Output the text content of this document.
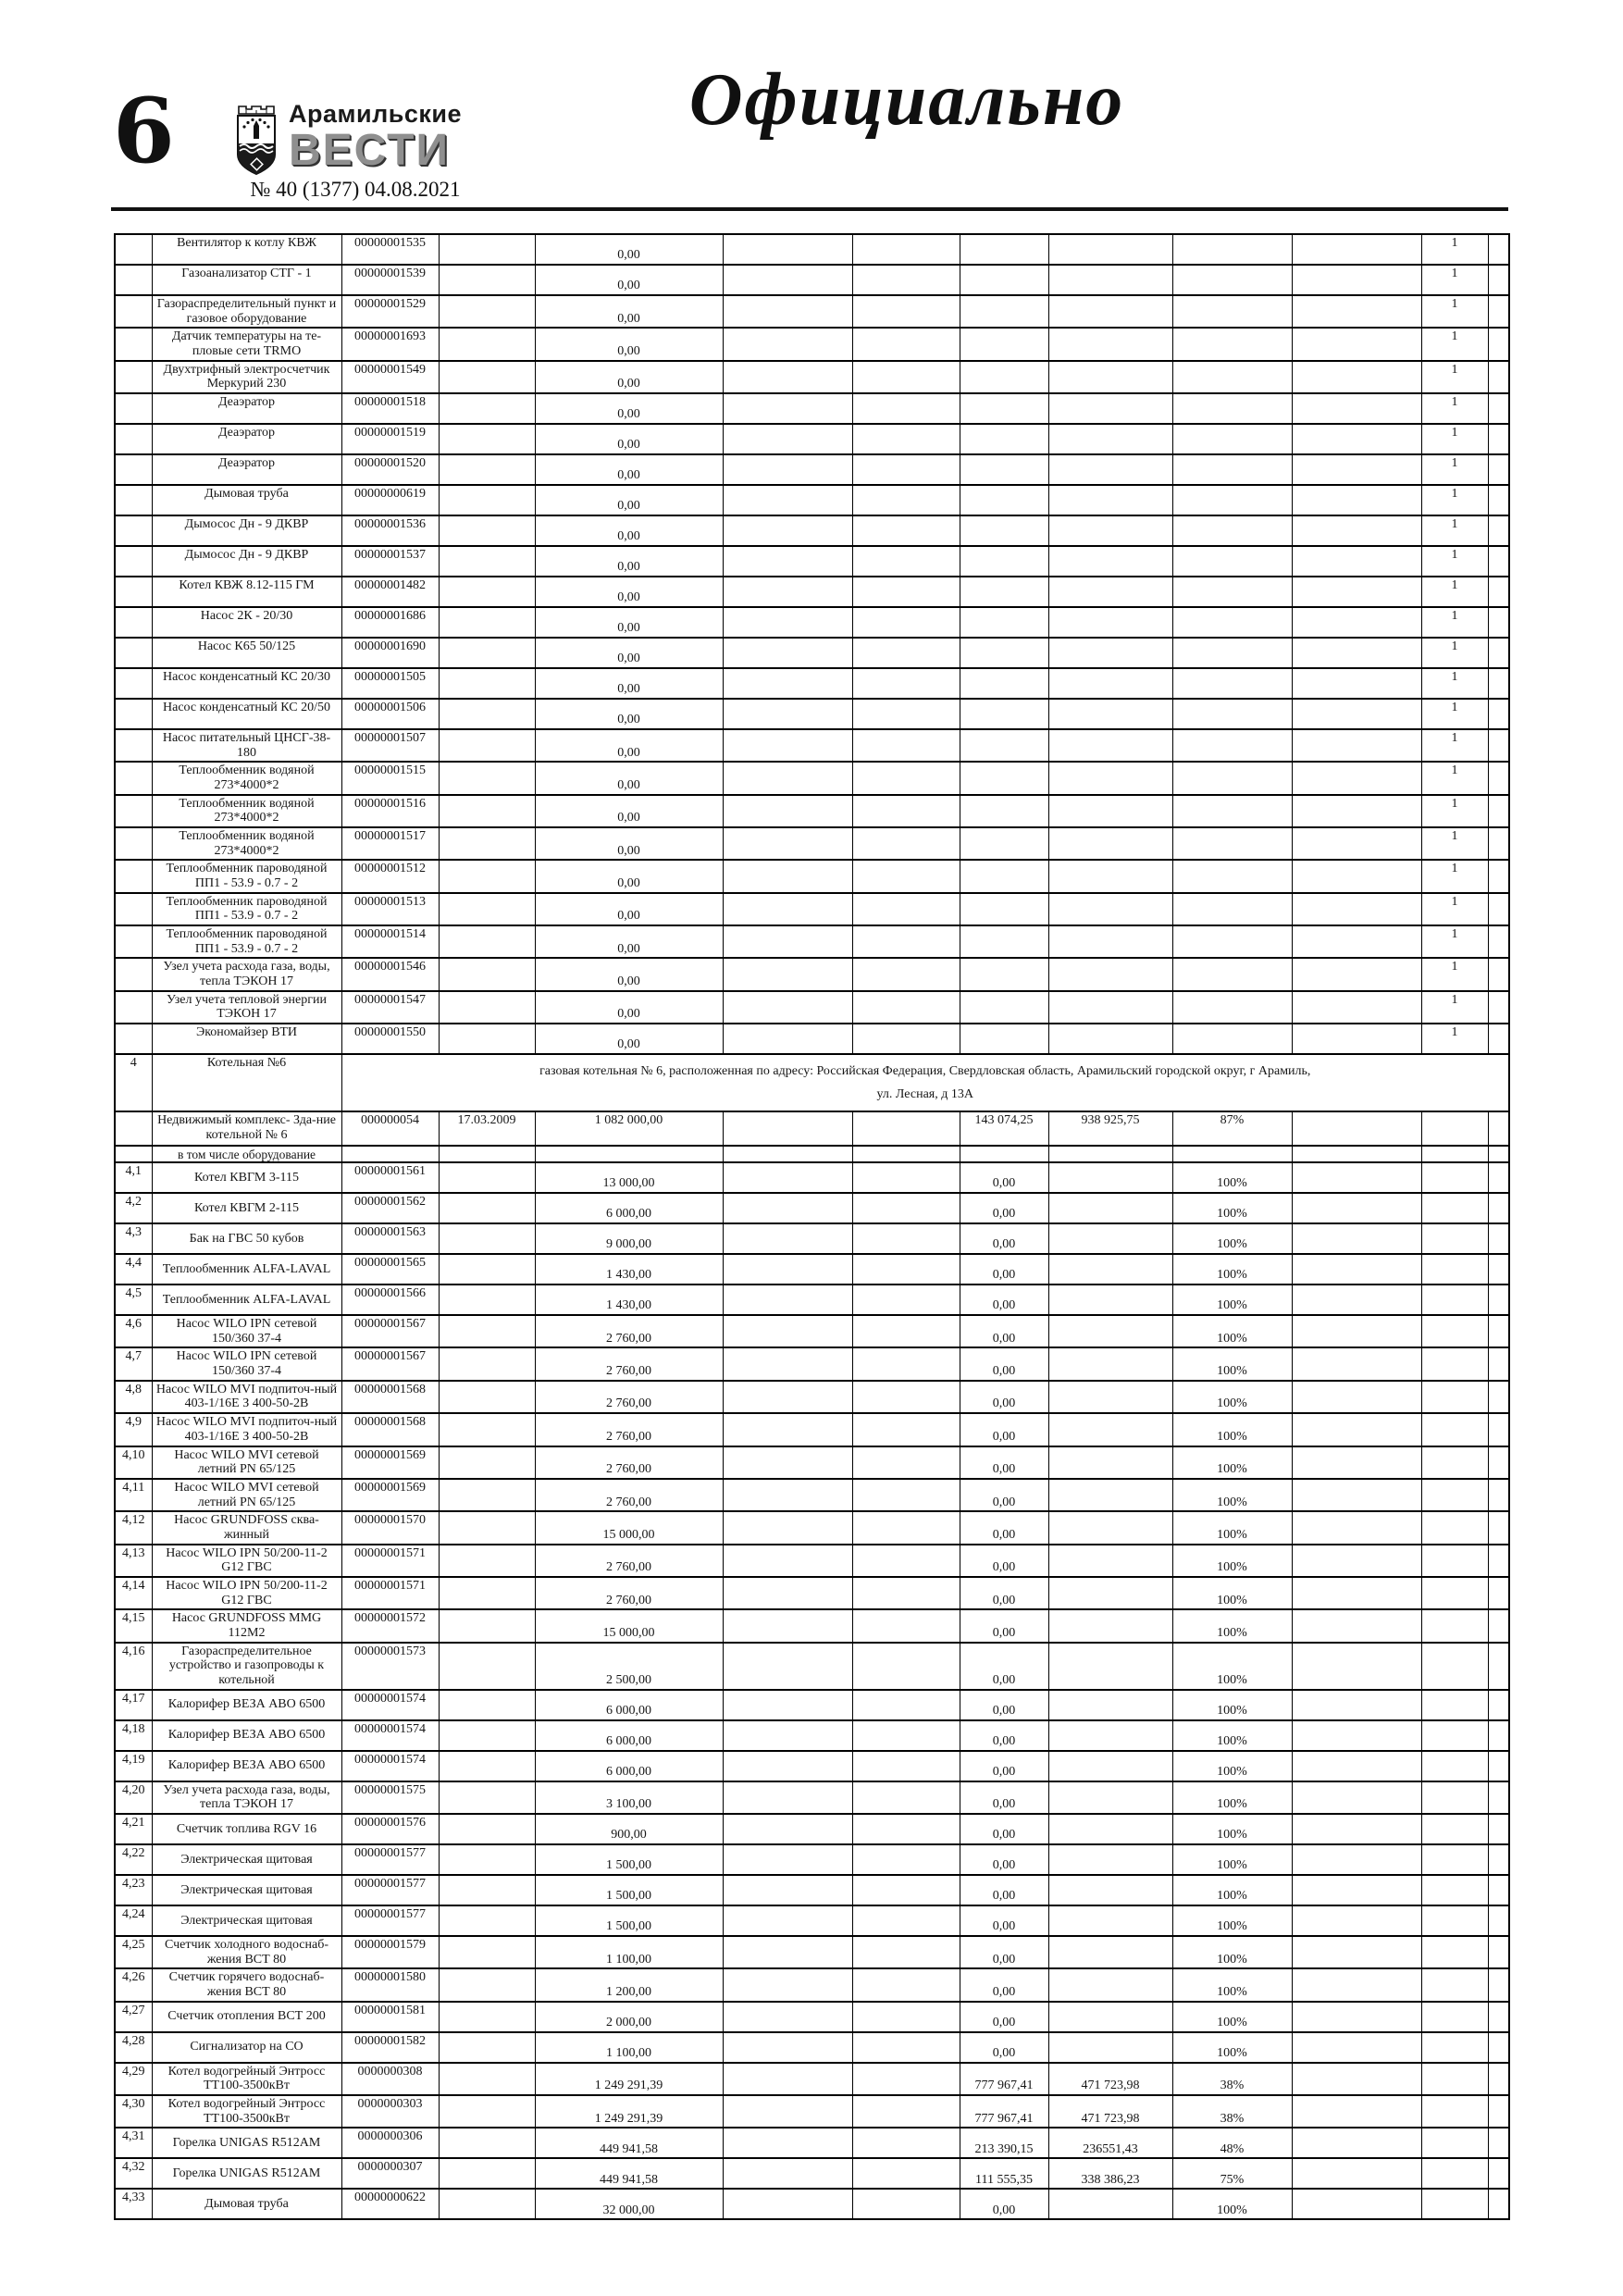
6	Арамильские
ВЕСТИ
№ 40 (1377) 04.08.2021
Официально
	Вентилятор к котлу КВЖ	00000001535		0,00							1	
	Газоанализатор СТГ - 1	00000001539		0,00							1	
	Газораспределительный пункт и газовое оборудование	00000001529		0,00							1	
	Датчик температуры на те-пловые сети TRMO	00000001693		0,00							1	
	Двухтрифный электросчетчик Меркурий 230	00000001549		0,00							1	
	Деаэратор	00000001518		0,00							1	
	Деаэратор	00000001519		0,00							1	
	Деаэратор	00000001520		0,00							1	
	Дымовая труба	00000000619		0,00							1	
	Дымосос Дн - 9 ДКВР	00000001536		0,00							1	
	Дымосос Дн - 9 ДКВР	00000001537		0,00							1	
	Котел КВЖ 8.12-115 ГМ	00000001482		0,00							1	
	Насос 2К - 20/30	00000001686		0,00							1	
	Насос К65 50/125	00000001690		0,00							1	
	Насос конденсатный КС 20/30	00000001505		0,00							1	
	Насос конденсатный КС 20/50	00000001506		0,00							1	
	Насос питательный ЦНСГ-38-180	00000001507		0,00							1	
	Теплообменник водяной 273*4000*2	00000001515		0,00							1	
	Теплообменник водяной 273*4000*2	00000001516		0,00							1	
	Теплообменник водяной 273*4000*2	00000001517		0,00							1	
	Теплообменник пароводяной ПП1 - 53.9 - 0.7 - 2	00000001512		0,00							1	
	Теплообменник пароводяной ПП1 - 53.9 - 0.7 - 2	00000001513		0,00							1	
	Теплообменник пароводяной ПП1 - 53.9 - 0.7 - 2	00000001514		0,00							1	
	Узел учета расхода газа, воды, тепла ТЭКОН 17	00000001546		0,00							1	
	Узел учета тепловой энергии ТЭКОН 17	00000001547		0,00							1	
	Экономайзер ВТИ	00000001550		0,00							1	
4	Котельная №6	газовая котельная № 6, расположенная по адресу: Российская Федерация, Свердловская область, Арамильский городской округ, г Арамиль,
ул. Лесная, д 13А										

	Недвижимый комплекс- Зда-ние котельной № 6	000000054	17.03.2009	1 082 000,00			143 074,25	938 925,75	87%			
	в том числе оборудование											
4,1	Котел КВГМ 3-115	00000001561		13 000,00			0,00		100%			
4,2	Котел КВГМ 2-115	00000001562		6 000,00			0,00		100%			
4,3	Бак на ГВС 50 кубов	00000001563		9 000,00			0,00		100%			
4,4	Теплообменник ALFA-LAVAL	00000001565		1 430,00			0,00		100%			
4,5	Теплообменник ALFA-LAVAL	00000001566		1 430,00			0,00		100%			
4,6	Насос WILO IPN сетевой 150/360 37-4	00000001567		2 760,00			0,00		100%			
4,7	Насос WILO IPN сетевой 150/360 37-4	00000001567		2 760,00			0,00		100%			
4,8	Насос WILO MVI подпиточ-ный 403-1/16Е З 400-50-2В	00000001568		2 760,00			0,00		100%			
4,9	Насос WILO MVI подпиточ-ный 403-1/16Е З 400-50-2В	00000001568		2 760,00			0,00		100%			
4,10	Насос WILO MVI сетевой летний PN 65/125	00000001569		2 760,00			0,00		100%			
4,11	Насос WILO MVI сетевой летний PN 65/125	00000001569		2 760,00			0,00		100%			
4,12	Насос GRUNDFOSS сква-жинный	00000001570		15 000,00			0,00		100%			
4,13	Насос WILO IPN 50/200-11-2 G12 ГВС	00000001571		2 760,00			0,00		100%			
4,14	Насос WILO IPN 50/200-11-2 G12 ГВС	00000001571		2 760,00			0,00		100%			
4,15	Насос GRUNDFOSS MMG 112М2	00000001572		15 000,00			0,00		100%			
4,16	Газораспределительное устройство и газопроводы к котельной	00000001573		2 500,00			0,00		100%			
4,17	Калорифер ВЕЗА АВО 6500	00000001574		6 000,00			0,00		100%			
4,18	Калорифер ВЕЗА АВО 6500	00000001574		6 000,00			0,00		100%			
4,19	Калорифер ВЕЗА АВО 6500	00000001574		6 000,00			0,00		100%			
4,20	Узел учета расхода газа, воды, тепла ТЭКОН 17	00000001575		3 100,00			0,00		100%			
4,21	Счетчик топлива RGV 16	00000001576		900,00			0,00		100%			
4,22	Электрическая щитовая	00000001577		1 500,00			0,00		100%			
4,23	Электрическая щитовая	00000001577		1 500,00			0,00		100%			
4,24	Электрическая щитовая	00000001577		1 500,00			0,00		100%			
4,25	Счетчик холодного водоснаб-жения ВСТ 80	00000001579		1 100,00			0,00		100%			
4,26	Счетчик горячего водоснаб-жения ВСТ 80	00000001580		1 200,00			0,00		100%			
4,27	Счетчик отопления ВСТ 200	00000001581		2 000,00			0,00		100%			
4,28	Сигнализатор на СО	00000001582		1 100,00			0,00		100%			
4,29	Котел водогрейный Энтросс ТТ100-3500кВт	0000000308		1 249 291,39			777 967,41	471 723,98	38%			
4,30	Котел водогрейный Энтросс ТТ100-3500кВт	0000000303		1 249 291,39			777 967,41	471 723,98	38%			
4,31	Горелка UNIGAS R512AM	0000000306		449 941,58			213 390,15	236551,43	48%			
4,32	Горелка UNIGAS R512AM	0000000307		449 941,58			111 555,35	338 386,23	75%			
4,33	Дымовая труба	00000000622		32 000,00			0,00		100%			
